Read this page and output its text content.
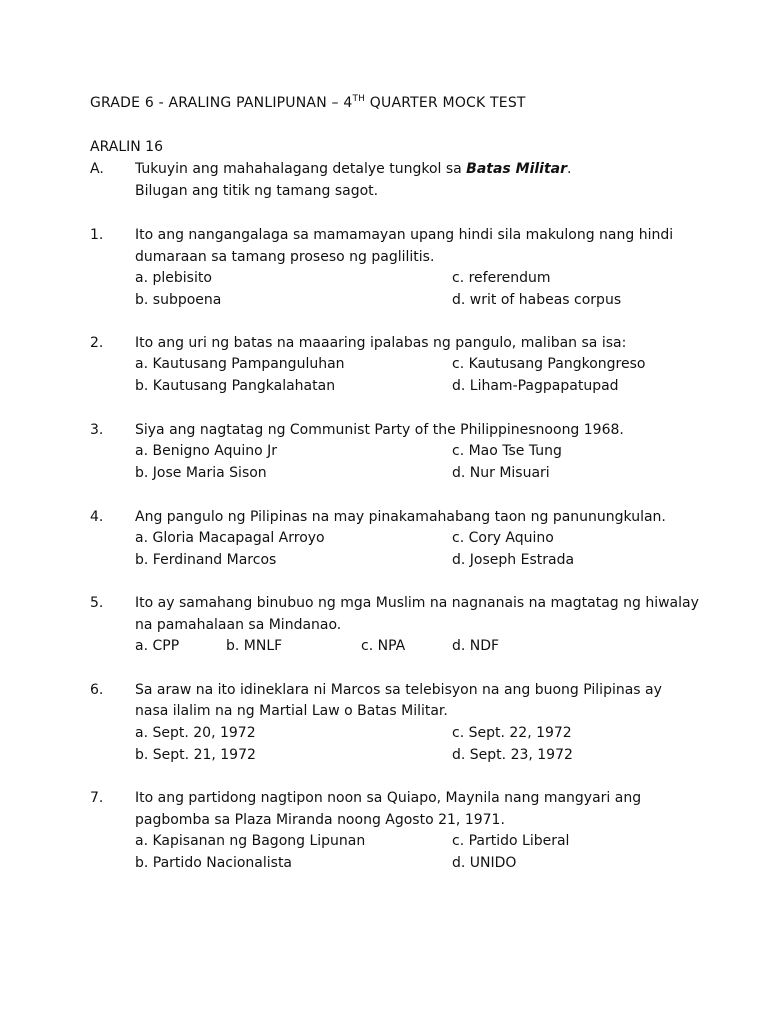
GRADE 6 - ARALING PANLIPUNAN – 4TH QUARTER MOCK TEST
ARALIN 16
A. Tukuyin ang mahahalagang detalye tungkol sa Batas Militar.
Bilugan ang titik ng tamang sagot.
1. Ito ang nangangalaga sa mamamayan upang hindi sila makulong nang hindi
dumaraan sa tamang proseso ng paglilitis.
a. plebisito	c. referendum
b. subpoena	d. writ of habeas corpus
2. Ito ang uri ng batas na maaaring ipalabas ng pangulo, maliban sa isa:
a. Kautusang Pampanguluhan	c. Kautusang Pangkongreso
b. Kautusang Pangkalahatan	d. Liham-Pagpapatupad
3. Siya ang nagtatag ng Communist Party of the Philippinesnoong 1968.
a. Benigno Aquino Jr	c. Mao Tse Tung
b. Jose Maria Sison	d. Nur Misuari
4. Ang pangulo ng Pilipinas na may pinakamahabang taon ng panunungkulan.
a. Gloria Macapagal Arroyo	c. Cory Aquino
b. Ferdinand Marcos	d. Joseph Estrada
5. Ito ay samahang binubuo ng mga Muslim na nagnanais na magtatag ng hiwalay
na pamahalaan sa Mindanao.
a. CPP	b. MNLF	c. NPA	d. NDF
6. Sa araw na ito idineklara ni Marcos sa telebisyon na ang buong Pilipinas ay
nasa ilalim na ng Martial Law o Batas Militar.
a. Sept. 20, 1972	c. Sept. 22, 1972
b. Sept. 21, 1972	d. Sept. 23, 1972
7. Ito ang partidong nagtipon noon sa Quiapo, Maynila nang mangyari ang
pagbomba sa Plaza Miranda noong Agosto 21, 1971.
a. Kapisanan ng Bagong Lipunan	c. Partido Liberal
b. Partido Nacionalista	d. UNIDO
